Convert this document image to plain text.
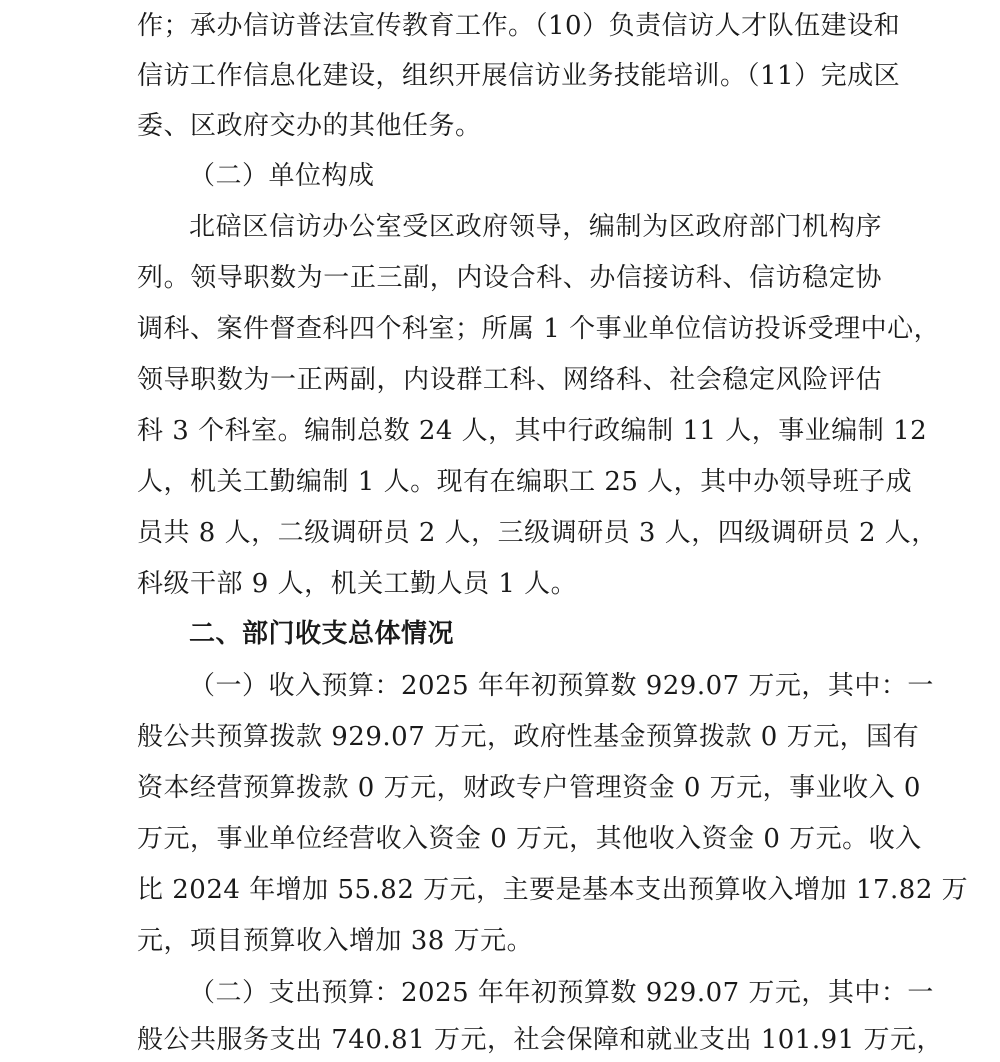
作；承办信访普法宣传教育工作。（10）负责信访人才队伍建设和
信访工作信息化建设，组织开展信访业务技能培训。（11）完成区
委、区政府交办的其他任务。
（二）单位构成
北碚区信访办公室受区政府领导，编制为区政府部门机构序
列。领导职数为一正三副，内设合科、办信接访科、信访稳定协
调科、案件督查科四个科室；所属 1 个事业单位信访投诉受理中心，
领导职数为一正两副，内设群工科、网络科、社会稳定风险评估
科 3 个科室。编制总数 24 人，其中行政编制 11 人，事业编制 12
人，机关工勤编制 1 人。现有在编职工 25 人，其中办领导班子成
员共 8 人，二级调研员 2 人，三级调研员 3 人，四级调研员 2 人，
科级干部 9 人，机关工勤人员 1 人。
二、部门收支总体情况
（一）收入预算：2025 年年初预算数 929.07 万元，其中：一
般公共预算拨款 929.07 万元，政府性基金预算拨款 0 万元，国有
资本经营预算拨款 0 万元，财政专户管理资金 0 万元，事业收入 0
万元，事业单位经营收入资金 0 万元，其他收入资金 0 万元。收入
比 2024 年增加 55.82 万元，主要是基本支出预算收入增加 17.82 万
元，项目预算收入增加 38 万元。
（二）支出预算：2025 年年初预算数 929.07 万元，其中：一
般公共服务支出 740.81 万元，社会保障和就业支出 101.91 万元，
